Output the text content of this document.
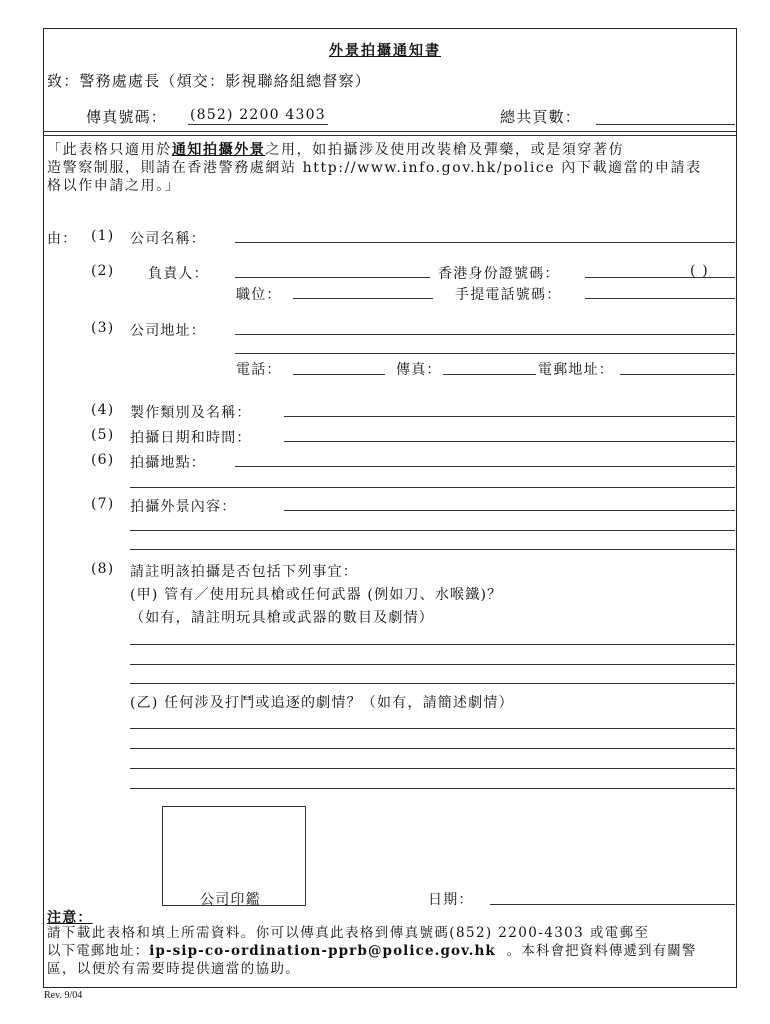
外景拍攝通知書
致：警務處處長（煩交：影視聯絡組總督察）
傳真號碼： (852) 2200 4303	總共頁數：
「此表格只適用於通知拍攝外景之用，如拍攝涉及使用改裝槍及彈藥，或是須穿著仿
造警察制服，則請在香港警務處網站 http://www.info.gov.hk/police 內下載適當的申請表
格以作申請之用。」
由： (1) 公司名稱：
(2) 負責人：	香港身份證號碼：	( )
職位：	手提電話號碼：
(3) 公司地址：
電話：	傳真：	電郵地址：
(4) 製作類別及名稱：
(5) 拍攝日期和時間：
(6) 拍攝地點：
(7) 拍攝外景內容：
(8) 請註明該拍攝是否包括下列事宜：
(甲) 管有／使用玩具槍或任何武器 (例如刀、水喉鐵)？
（如有，請註明玩具槍或武器的數目及劇情）
(乙) 任何涉及打鬥或追逐的劇情？（如有，請簡述劇情）
公司印鑑	日期：
注意：
請下載此表格和填上所需資料。你可以傳真此表格到傳真號碼(852) 2200-4303 或電郵至
以下電郵地址：ip-sip-co-ordination-pprb@police.gov.hk 。本科會把資料傳遞到有關警
區，以便於有需要時提供適當的協助。
Rev. 9/04
